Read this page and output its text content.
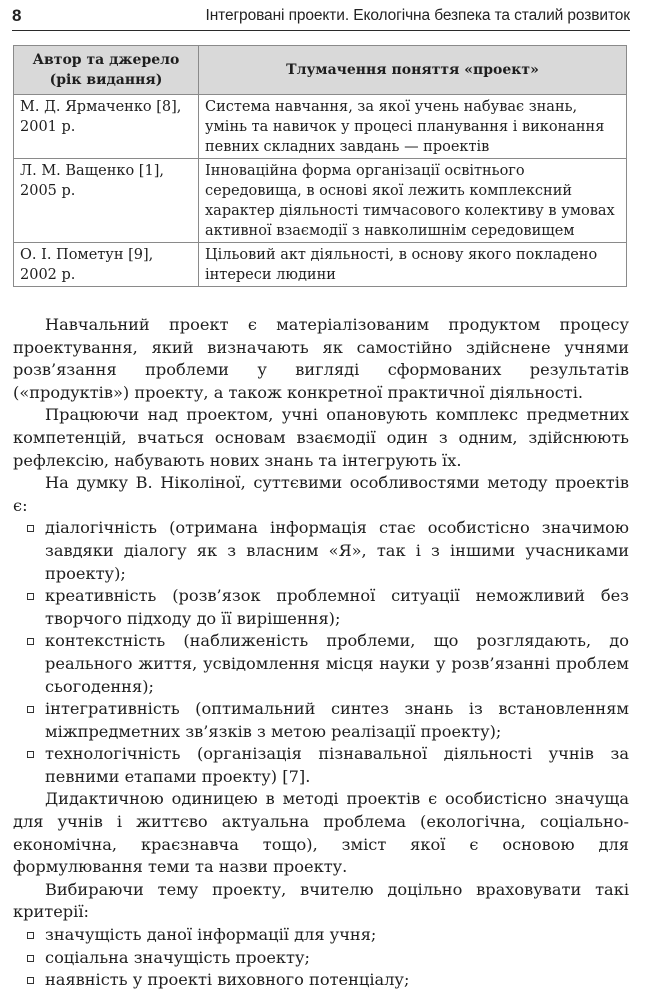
8	Інтегровані проекти. Екологічна безпека та сталий розвиток
Автор та джерело (рік видання)	Тлумачення поняття «проект»
М. Д. Ярмаченко [8], 2001 р.	Система навчання, за якої учень набуває знань, умінь та навичок у процесі планування і виконання певних складних завдань — проектів
Л. М. Ващенко [1], 2005 р.	Інноваційна форма організації освітнього середовища, в основі якої лежить комплексний характер діяльності тимчасового колективу в умовах активної взаємодії з навколишнім середовищем
О. І. Пометун [9], 2002 р.	Цільовий акт діяльності, в основу якого покладено інтереси людини

Навчальний проект є матеріалізованим продуктом процесу проектування, який визначають як самостійно здійснене учнями розв’язання проблеми у вигляді сформованих результатів («продуктів») проекту, а також конкретної практичної діяльності.

Працюючи над проектом, учні опановують комплекс предметних компетенцій, вчаться основам взаємодії один з одним, здійснюють рефлексію, набувають нових знань та інтегрують їх.

На думку В. Ніколіної, суттєвими особливостями методу проектів є:

діалогічність (отримана інформація стає особистісно значимою завдяки діалогу як з власним «Я», так і з іншими учасниками проекту);
креативність (розв’язок проблемної ситуації неможливий без творчого підходу до її вирішення);
контекстність (наближеність проблеми, що розглядають, до реального життя, усвідомлення місця науки у розв’язанні проблем сьогодення);
інтегративність (оптимальний синтез знань із встановленням міжпредметних зв’язків з метою реалізації проекту);
технологічність (організація пізнавальної діяльності учнів за певними етапами проекту) [7].

Дидактичною одиницею в методі проектів є особистісно значуща для учнів і життєво актуальна проблема (екологічна, соціально-економічна, краєзнавча тощо), зміст якої є основою для формулювання теми та назви проекту.

Вибираючи тему проекту, вчителю доцільно враховувати такі критерії:

значущість даної інформації для учня;
соціальна значущість проекту;
наявність у проекті виховного потенціалу;
